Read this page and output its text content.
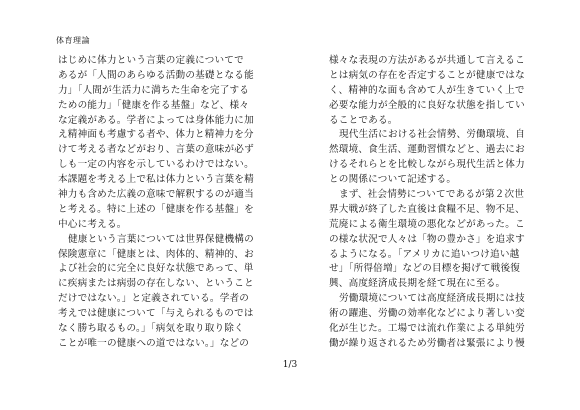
体育理論
はじめに体力という言葉の定義についてで
あるが「人間のあらゆる活動の基礎となる能
力」「人間が生活力に満ちた生命を完了する
ための能力」「健康を作る基盤」など、様々
な定義がある。学者によっては身体能力に加
え精神面も考慮する者や、体力と精神力を分
けて考える者などがおり、言葉の意味が必ず
しも一定の内容を示しているわけではない。
本課題を考える上で私は体力という言葉を精
神力も含めた広義の意味で解釈するのが適当
と考える。特に上述の「健康を作る基盤」を
中心に考える。
健康という言葉については世界保健機構の
保険憲章に「健康とは、肉体的、精神的、お
よび社会的に完全に良好な状態であって、単
に疾病または病弱の存在しない、ということ
だけではない。」と定義されている。学者の
考えでは健康について「与えられるものでは
なく勝ち取るもの。」「病気を取り取り除く
ことが唯一の健康への道ではない。」などの
様々な表現の方法があるが共通して言えるこ
とは病気の存在を否定することが健康ではな
く、精神的な面も含めて人が生きていく上で
必要な能力が全般的に良好な状態を指してい
ることである。
現代生活における社会情勢、労働環境、自
然環境、食生活、運動習慣などと、過去にお
けるそれらとを比較しながら現代生活と体力
との関係について記述する。
まず、社会情勢についてであるが第２次世
界大戦が終了した直後は食糧不足、物不足、
荒廃による衛生環境の悪化などがあった。こ
の様な状況で人々は「物の豊かさ」を追求す
るようになる。「アメリカに追いつけ追い越
せ」「所得倍増」などの目標を掲げて戦後復
興、高度経済成長期を経て現在に至る。
労働環境については高度経済成長期には技
術の躍進、労働の効率化などにより著しい変
化が生じた。工場では流れ作業による単純労
働が繰り返されるため労働者は緊張により慢
1/3
